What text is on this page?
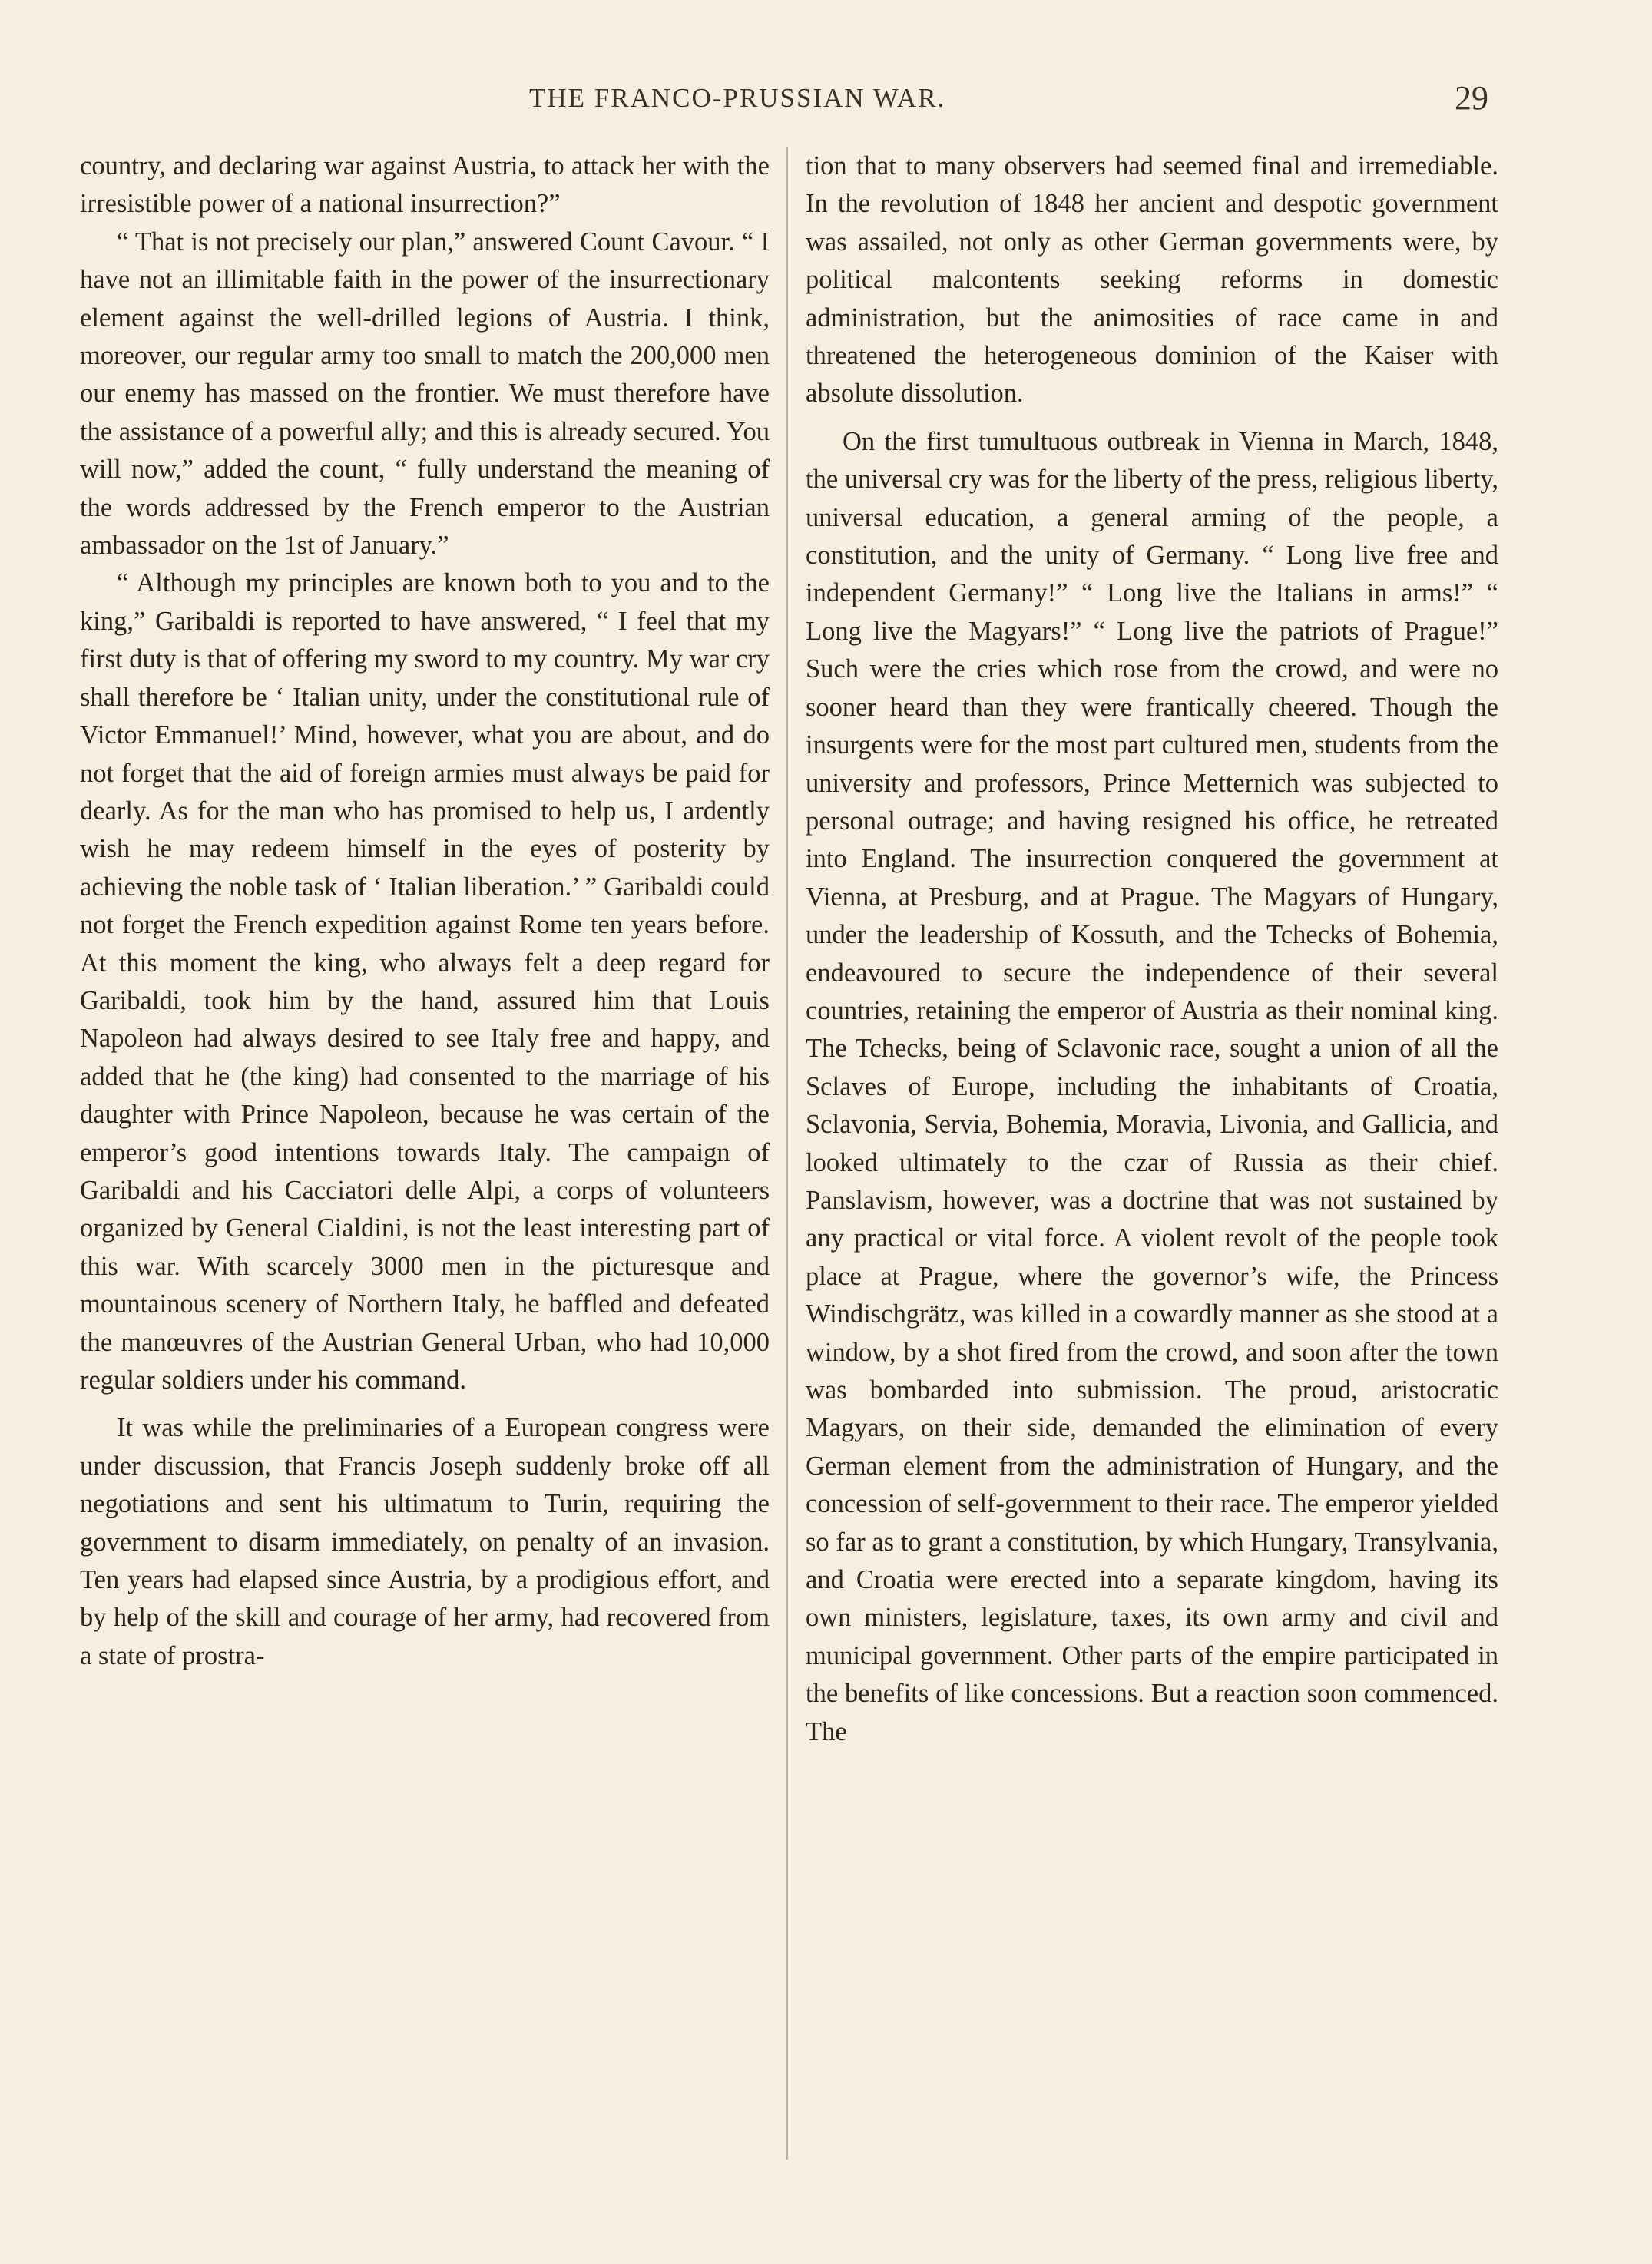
THE FRANCO-PRUSSIAN WAR.	29

country, and declaring war against Austria, to attack her with the irresistible power of a national insurrection?”

“ That is not precisely our plan,” answered Count Cavour. “ I have not an illimitable faith in the power of the insurrectionary element against the well-drilled legions of Austria. I think, moreover, our regular army too small to match the 200,000 men our enemy has massed on the frontier. We must therefore have the assistance of a powerful ally; and this is already secured. You will now,” added the count, “ fully understand the meaning of the words addressed by the French emperor to the Austrian ambassador on the 1st of January.”

“ Although my principles are known both to you and to the king,” Garibaldi is reported to have answered, “ I feel that my first duty is that of offering my sword to my country. My war cry shall therefore be ‘ Italian unity, under the constitutional rule of Victor Emmanuel!’ Mind, however, what you are about, and do not forget that the aid of foreign armies must always be paid for dearly. As for the man who has promised to help us, I ardently wish he may redeem himself in the eyes of posterity by achieving the noble task of ‘ Italian liberation.’ ” Garibaldi could not forget the French expedition against Rome ten years before. At this moment the king, who always felt a deep regard for Garibaldi, took him by the hand, assured him that Louis Napoleon had always desired to see Italy free and happy, and added that he (the king) had consented to the marriage of his daughter with Prince Napoleon, because he was certain of the emperor’s good intentions towards Italy. The campaign of Garibaldi and his Cacciatori delle Alpi, a corps of volunteers organized by General Cialdini, is not the least interesting part of this war. With scarcely 3000 men in the picturesque and mountainous scenery of Northern Italy, he baffled and defeated the manœuvres of the Austrian General Urban, who had 10,000 regular soldiers under his command.

It was while the preliminaries of a European congress were under discussion, that Francis Joseph suddenly broke off all negotiations and sent his ultimatum to Turin, requiring the government to disarm immediately, on penalty of an invasion. Ten years had elapsed since Austria, by a prodigious effort, and by help of the skill and courage of her army, had recovered from a state of prostra-

tion that to many observers had seemed final and irremediable. In the revolution of 1848 her ancient and despotic government was assailed, not only as other German governments were, by political malcontents seeking reforms in domestic administration, but the animosities of race came in and threatened the heterogeneous dominion of the Kaiser with absolute dissolution.

On the first tumultuous outbreak in Vienna in March, 1848, the universal cry was for the liberty of the press, religious liberty, universal education, a general arming of the people, a constitution, and the unity of Germany. “ Long live free and independent Germany!” “ Long live the Italians in arms!” “ Long live the Magyars!” “ Long live the patriots of Prague!” Such were the cries which rose from the crowd, and were no sooner heard than they were frantically cheered. Though the insurgents were for the most part cultured men, students from the university and professors, Prince Metternich was subjected to personal outrage; and having resigned his office, he retreated into England. The insurrection conquered the government at Vienna, at Presburg, and at Prague. The Magyars of Hungary, under the leadership of Kossuth, and the Tchecks of Bohemia, endeavoured to secure the independence of their several countries, retaining the emperor of Austria as their nominal king. The Tchecks, being of Sclavonic race, sought a union of all the Sclaves of Europe, including the inhabitants of Croatia, Sclavonia, Servia, Bohemia, Moravia, Livonia, and Gallicia, and looked ultimately to the czar of Russia as their chief. Panslavism, however, was a doctrine that was not sustained by any practical or vital force. A violent revolt of the people took place at Prague, where the governor’s wife, the Princess Windischgrätz, was killed in a cowardly manner as she stood at a window, by a shot fired from the crowd, and soon after the town was bombarded into submission. The proud, aristocratic Magyars, on their side, demanded the elimination of every German element from the administration of Hungary, and the concession of self-government to their race. The emperor yielded so far as to grant a constitution, by which Hungary, Transylvania, and Croatia were erected into a separate kingdom, having its own ministers, legislature, taxes, its own army and civil and municipal government. Other parts of the empire participated in the benefits of like concessions. But a reaction soon commenced. The
